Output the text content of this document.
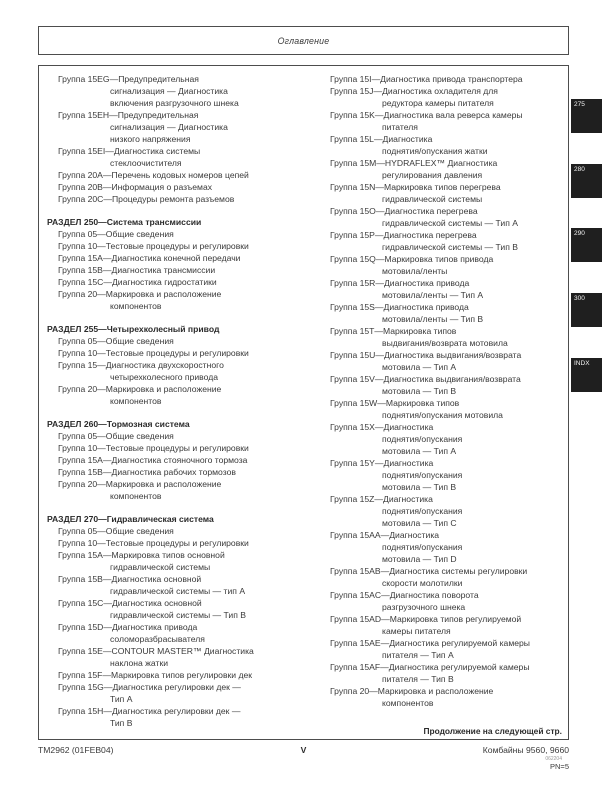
Оглавление
Группа 15EG—Предупредительная
сигнализация — Диагностика
включения разгрузочного шнека
Группа 15EH—Предупредительная
сигнализация — Диагностика
низкого напряжения
Группа 15EI—Диагностика системы
стеклоочистителя
Группа 20A—Перечень кодовых номеров цепей
Группа 20B—Информация о разъемах
Группа 20C—Процедуры ремонта разъемов
РАЗДЕЛ 250—Система трансмиссии
Группа 05—Общие сведения
Группа 10—Тестовые процедуры и регулировки
Группа 15A—Диагностика конечной передачи
Группа 15B—Диагностика трансмиссии
Группа 15C—Диагностика гидростатики
Группа 20—Маркировка и расположение
компонентов
РАЗДЕЛ 255—Четырехколесный привод
Группа 05—Общие сведения
Группа 10—Тестовые процедуры и регулировки
Группа 15—Диагностика двухскоростного
четырехколесного привода
Группа 20—Маркировка и расположение
компонентов
РАЗДЕЛ 260—Тормозная система
Группа 05—Общие сведения
Группа 10—Тестовые процедуры и регулировки
Группа 15A—Диагностика стояночного тормоза
Группа 15B—Диагностика рабочих тормозов
Группа 20—Маркировка и расположение
компонентов
РАЗДЕЛ 270—Гидравлическая система
Группа 05—Общие сведения
Группа 10—Тестовые процедуры и регулировки
Группа 15A—Маркировка типов основной
гидравлической системы
Группа 15B—Диагностика основной
гидравлической системы — тип A
Группа 15C—Диагностика основной
гидравлической системы — Тип B
Группа 15D—Диагностика привода
соломоразбрасывателя
Группа 15E—CONTOUR MASTER™ Диагностика
наклона жатки
Группа 15F—Маркировка типов регулировки дек
Группа 15G—Диагностика регулировки дек —
Тип A
Группа 15H—Диагностика регулировки дек —
Тип B
Группа 15I—Диагностика привода транспортера
Группа 15J—Диагностика охладителя для
редуктора камеры питателя
Группа 15K—Диагностика вала реверса камеры
питателя
Группа 15L—Диагностика
поднятия/опускания жатки
Группа 15M—HYDRAFLEX™ Диагностика
регулирования давления
Группа 15N—Маркировка типов перегрева
гидравлической системы
Группа 15O—Диагностика перегрева
гидравлической системы — Тип A
Группа 15P—Диагностика перегрева
гидравлической системы — Тип B
Группа 15Q—Маркировка типов привода
мотовила/ленты
Группа 15R—Диагностика привода
мотовила/ленты — Тип A
Группа 15S—Диагностика привода
мотовила/ленты — Тип B
Группа 15T—Маркировка типов
выдвигания/возврата мотовила
Группа 15U—Диагностика выдвигания/возврата
мотовила — Тип A
Группа 15V—Диагностика выдвигания/возврата
мотовила — Тип B
Группа 15W—Маркировка типов
поднятия/опускания мотовила
Группа 15X—Диагностика
поднятия/опускания
мотовила — Тип A
Группа 15Y—Диагностика
поднятия/опускания
мотовила — Тип B
Группа 15Z—Диагностика
поднятия/опускания
мотовила — Тип C
Группа 15AA—Диагностика
поднятия/опускания
мотовила — Тип D
Группа 15AB—Диагностика системы регулировки
скорости молотилки
Группа 15AC—Диагностика поворота
разгрузочного шнека
Группа 15AD—Маркировка типов регулируемой
камеры питателя
Группа 15AE—Диагностика регулируемой камеры
питателя — Тип A
Группа 15AF—Диагностика регулируемой камеры
питателя — Тип B
Группа 20—Маркировка и расположение
компонентов
Продолжение на следующей стр.
275
280
290
300
INDX
TM2962 (01FEB04)	V	Комбайны 9560, 9660
062204
PN=5
